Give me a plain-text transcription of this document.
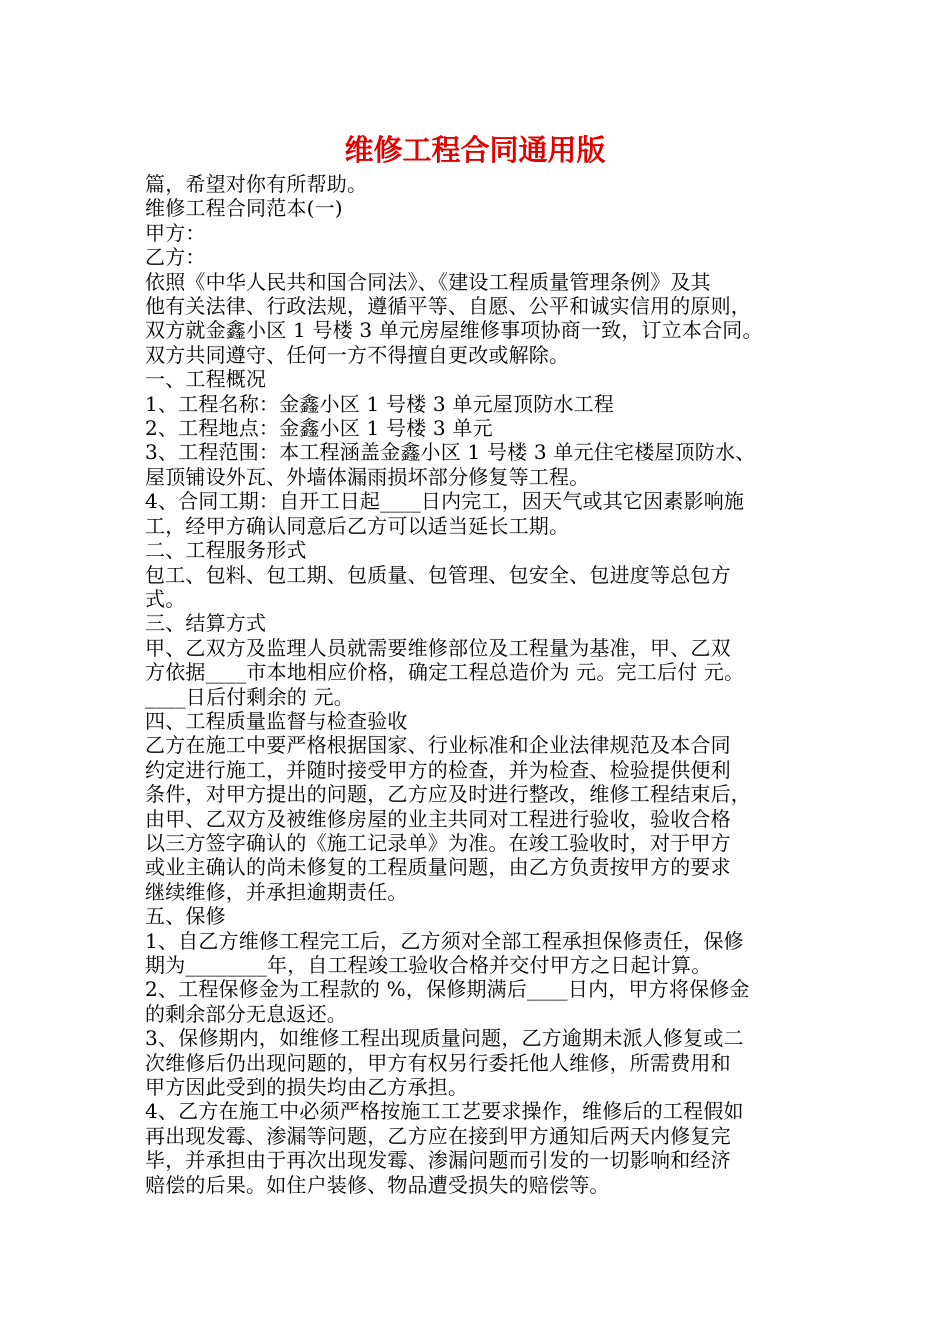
维修工程合同通用版

篇，希望对你有所帮助。

维修工程合同范本(一)

甲方：

乙方：

依照《中华人民共和国合同法》、《建设工程质量管理条例》及其

他有关法律、行政法规，遵循平等、自愿、公平和诚实信用的原则，

双方就金鑫小区 1 号楼 3 单元房屋维修事项协商一致，订立本合同。

双方共同遵守、任何一方不得擅自更改或解除。

一、工程概况

1、工程名称：金鑫小区 1 号楼 3 单元屋顶防水工程

2、工程地点：金鑫小区 1 号楼 3 单元

3、工程范围：本工程涵盖金鑫小区 1 号楼 3 单元住宅楼屋顶防水、

屋顶铺设外瓦、外墙体漏雨损坏部分修复等工程。

4、合同工期：自开工日起____日内完工，因天气或其它因素影响施

工，经甲方确认同意后乙方可以适当延长工期。

二、工程服务形式

包工、包料、包工期、包质量、包管理、包安全、包进度等总包方

式。

三、结算方式

甲、乙双方及监理人员就需要维修部位及工程量为基准，甲、乙双

方依据____市本地相应价格，确定工程总造价为 元。完工后付 元。

____日后付剩余的 元。

四、工程质量监督与检查验收

乙方在施工中要严格根据国家、行业标准和企业法律规范及本合同

约定进行施工，并随时接受甲方的检查，并为检查、检验提供便利

条件，对甲方提出的问题，乙方应及时进行整改，维修工程结束后，

由甲、乙双方及被维修房屋的业主共同对工程进行验收，验收合格

以三方签字确认的《施工记录单》为准。在竣工验收时，对于甲方

或业主确认的尚未修复的工程质量问题，由乙方负责按甲方的要求

继续维修，并承担逾期责任。

五、保修

1、自乙方维修工程完工后，乙方须对全部工程承担保修责任，保修

期为________年，自工程竣工验收合格并交付甲方之日起计算。

2、工程保修金为工程款的 %，保修期满后____日内，甲方将保修金

的剩余部分无息返还。

3、保修期内，如维修工程出现质量问题，乙方逾期未派人修复或二

次维修后仍出现问题的，甲方有权另行委托他人维修，所需费用和

甲方因此受到的损失均由乙方承担。

4、乙方在施工中必须严格按施工工艺要求操作，维修后的工程假如

再出现发霉、渗漏等问题，乙方应在接到甲方通知后两天内修复完

毕，并承担由于再次出现发霉、渗漏问题而引发的一切影响和经济

赔偿的后果。如住户装修、物品遭受损失的赔偿等。
